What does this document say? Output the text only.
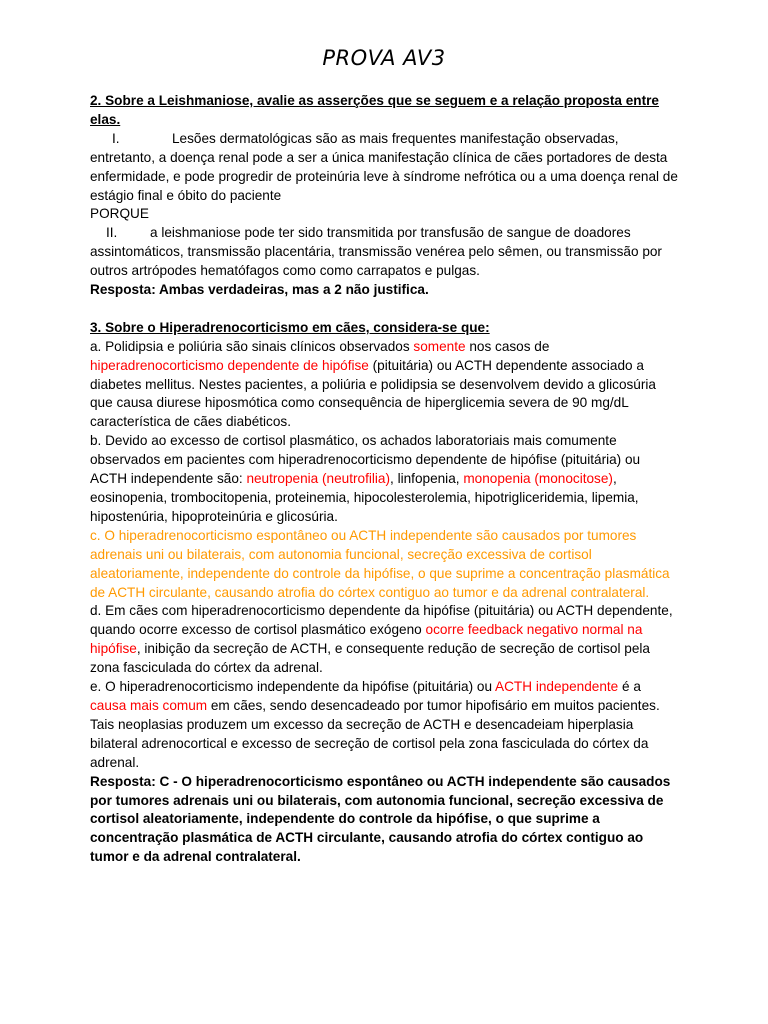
PROVA AV3

2. Sobre a Leishmaniose, avalie as asserções que se seguem e a relação proposta entre elas.

I.	Lesões dermatológicas são as mais frequentes manifestação observadas, entretanto, a doença renal pode a ser a única manifestação clínica de cães portadores de desta enfermidade, e pode progredir de proteinúria leve à síndrome nefrótica ou a uma doença renal de estágio final e óbito do paciente

PORQUE

II. a leishmaniose pode ter sido transmitida por transfusão de sangue de doadores assintomáticos, transmissão placentária, transmissão venérea pelo sêmen, ou transmissão por outros artrópodes hematófagos como como carrapatos e pulgas.

Resposta: Ambas verdadeiras, mas a 2 não justifica.

3. Sobre o Hiperadrenocorticismo em cães, considera-se que:

a. Polidipsia e poliúria são sinais clínicos observados somente nos casos de hiperadrenocorticismo dependente de hipófise (pituitária) ou ACTH dependente associado a diabetes mellitus. Nestes pacientes, a poliúria e polidipsia se desenvolvem devido a glicosúria que causa diurese hiposmótica como consequência de hiperglicemia severa de 90 mg/dL característica de cães diabéticos.

b. Devido ao excesso de cortisol plasmático, os achados laboratoriais mais comumente observados em pacientes com hiperadrenocorticismo dependente de hipófise (pituitária) ou ACTH independente são: neutropenia (neutrofilia), linfopenia, monopenia (monocitose), eosinopenia, trombocitopenia, proteinemia, hipocolesterolemia, hipotrigliceridemia, lipemia, hipostenúria, hipoproteinúria e glicosúria.

c. O hiperadrenocorticismo espontâneo ou ACTH independente são causados por tumores adrenais uni ou bilaterais, com autonomia funcional, secreção excessiva de cortisol aleatoriamente, independente do controle da hipófise, o que suprime a concentração plasmática de ACTH circulante, causando atrofia do córtex contiguo ao tumor e da adrenal contralateral.

d. Em cães com hiperadrenocorticismo dependente da hipófise (pituitária) ou ACTH dependente, quando ocorre excesso de cortisol plasmático exógeno ocorre feedback negativo normal na hipófise, inibição da secreção de ACTH, e consequente redução de secreção de cortisol pela zona fasciculada do córtex da adrenal.

e. O hiperadrenocorticismo independente da hipófise (pituitária) ou ACTH independente é a causa mais comum em cães, sendo desencadeado por tumor hipofisário em muitos pacientes. Tais neoplasias produzem um excesso da secreção de ACTH e desencadeiam hiperplasia bilateral adrenocortical e excesso de secreção de cortisol pela zona fasciculada do córtex da adrenal.

Resposta: C - O hiperadrenocorticismo espontâneo ou ACTH independente são causados por tumores adrenais uni ou bilaterais, com autonomia funcional, secreção excessiva de cortisol aleatoriamente, independente do controle da hipófise, o que suprime a concentração plasmática de ACTH circulante, causando atrofia do córtex contiguo ao tumor e da adrenal contralateral.
